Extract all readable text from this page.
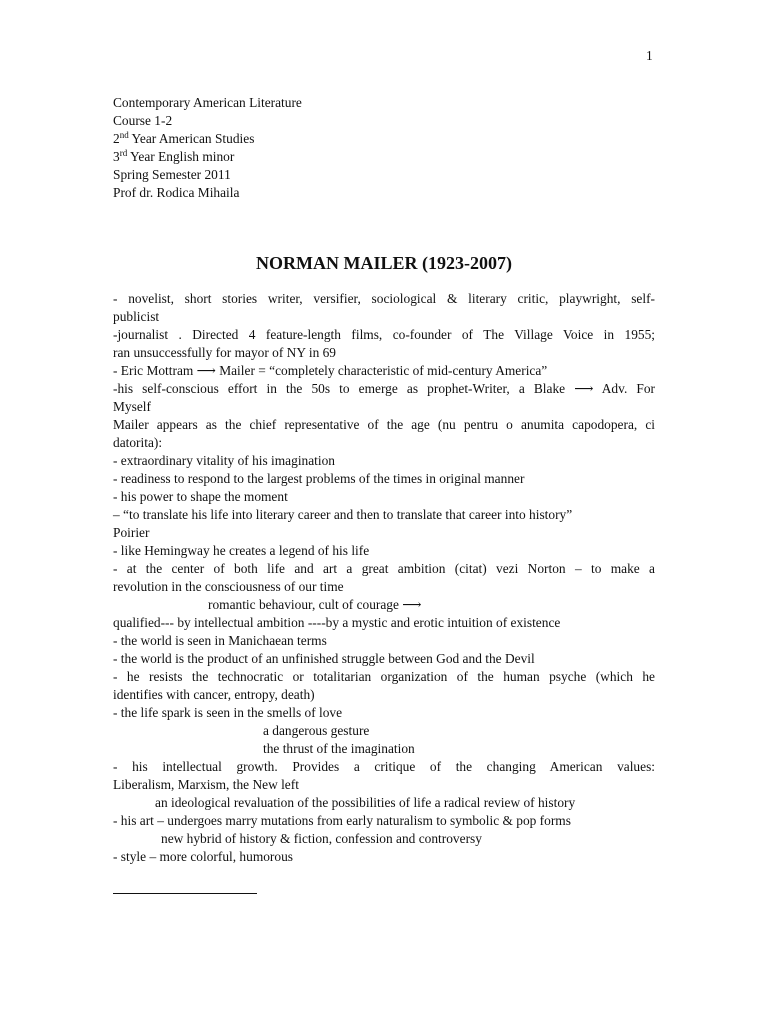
1
Contemporary American Literature
Course 1-2
2nd Year American Studies
3rd Year English minor
Spring Semester 2011
Prof dr. Rodica Mihaila
NORMAN MAILER (1923-2007)
- novelist, short stories writer, versifier, sociological & literary critic, playwright, self-
publicist
-journalist . Directed 4 feature-length films, co-founder of The Village Voice in 1955;
ran unsuccessfully for mayor of NY in 69
- Eric Mottram ⟶ Mailer = “completely characteristic of mid-century America”
-his self-conscious effort in the 50s to emerge as prophet-Writer, a Blake ⟶ Adv. For
Myself
Mailer appears as the chief representative of the age (nu pentru o anumita capodopera, ci
datorita):
- extraordinary vitality of his imagination
- readiness to respond to the largest problems of the times in original manner
- his power to shape the moment
– “to translate his life into literary career and then to translate that career into history”
Poirier
- like Hemingway he creates a legend of his life
- at the center of both life and art a great ambition (citat) vezi Norton – to make a
revolution in the consciousness of our time
romantic behaviour, cult of courage ⟶
qualified--- by intellectual ambition ----by a mystic and erotic intuition of existence
- the world is seen in Manichaean terms
- the world is the product of an unfinished struggle between God and the Devil
- he resists the technocratic or totalitarian organization of the human psyche (which he
identifies with cancer, entropy, death)
- the life spark is seen in the smells of love
a dangerous gesture
the thrust of the imagination
- his intellectual growth. Provides a critique of the changing American values:
Liberalism, Marxism, the New left
an ideological revaluation of the possibilities of life a radical review of history
- his art – undergoes marry mutations from early naturalism to symbolic & pop forms
new hybrid of history & fiction, confession and controversy
- style – more colorful, humorous
